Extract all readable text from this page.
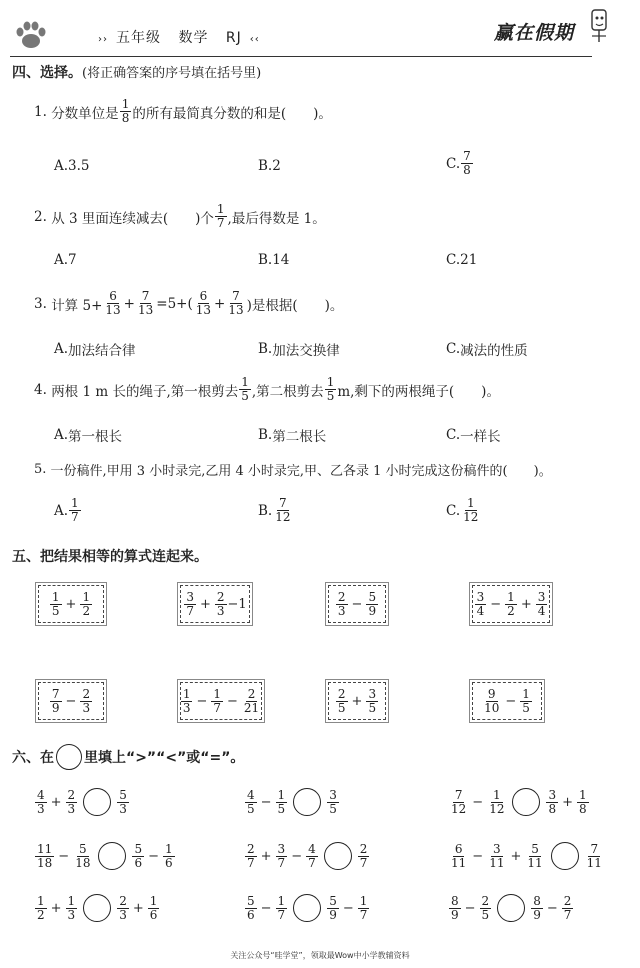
›› 五年级 数学 RJ ‹‹	赢在假期
四、选择。(将正确答案的序号填在括号里)
1.
分数单位是 $\frac{1}{8}$ 的所有最简真分数的和是(　　)。
A. 3.5	B. 2	C. $\frac{7}{8}$
2.
从 3 里面连续减去(　　)个 $\frac{1}{7}$ ,最后得数是 1。
A. 7	B. 14	C. 21
3.
计算 $5+ \frac{6}{13} + \frac{7}{13} =5+( \frac{6}{13} + \frac{7}{13}$ )是根据(　　)。
A. 加法结合律	B. 加法交换律	C. 减法的性质
4.
两根 1 m 长的绳子,第一根剪去 $\frac{1}{5}$ ,第二根剪去 $\frac{1}{5} m$,剩下的两根绳子(　　)。
A. 第一根长	B. 第二根长	C. 一样长
5.
一份稿件,甲用 3 小时录完,乙用 4 小时录完,甲、乙各录 1 小时完成这份稿件的(　　)。
A. $\frac{1}{7}$	B. $\frac{7}{12}$	C. $\frac{1}{12}$
五、把结果相等的算式连起来。
$\frac{1}{5} + \frac{1}{2}$	$\frac{3}{7} + \frac{2}{3} -1$	$\frac{2}{3} - \frac{5}{9}$	$\frac{3}{4} - \frac{1}{2} + \frac{3}{4}$
$\frac{7}{9} - \frac{2}{3}$	$\frac{1}{3} - \frac{1}{7} - \frac{2}{21}$	$\frac{2}{5} + \frac{3}{5}$	$\frac{9}{10} - \frac{1}{5}$
六、在 里填上“>”“<”或“=”。
$\frac{4}{3} + \frac{2}{3}$	$\frac{5}{3}$	$\frac{4}{5} - \frac{1}{5}$	$\frac{3}{5}$	$\frac{7}{12} - \frac{1}{12}$	$\frac{3}{8} + \frac{1}{8}$
$\frac{11}{18} - \frac{5}{18}$	$\frac{5}{6} - \frac{1}{6}$	$\frac{2}{7} + \frac{3}{7} - \frac{4}{7}$	$\frac{2}{7}$	$\frac{6}{11} - \frac{3}{11} + \frac{5}{11}$	$\frac{7}{11}$
$\frac{1}{2} + \frac{1}{3}$	$\frac{2}{3} + \frac{1}{6}$	$\frac{5}{6} - \frac{1}{7}$	$\frac{5}{9} - \frac{1}{7}$	$\frac{8}{9} - \frac{2}{5}$	$\frac{8}{9} - \frac{2}{7}$
关注公众号“哇学堂”，领取最Wow中小学教辅资料
